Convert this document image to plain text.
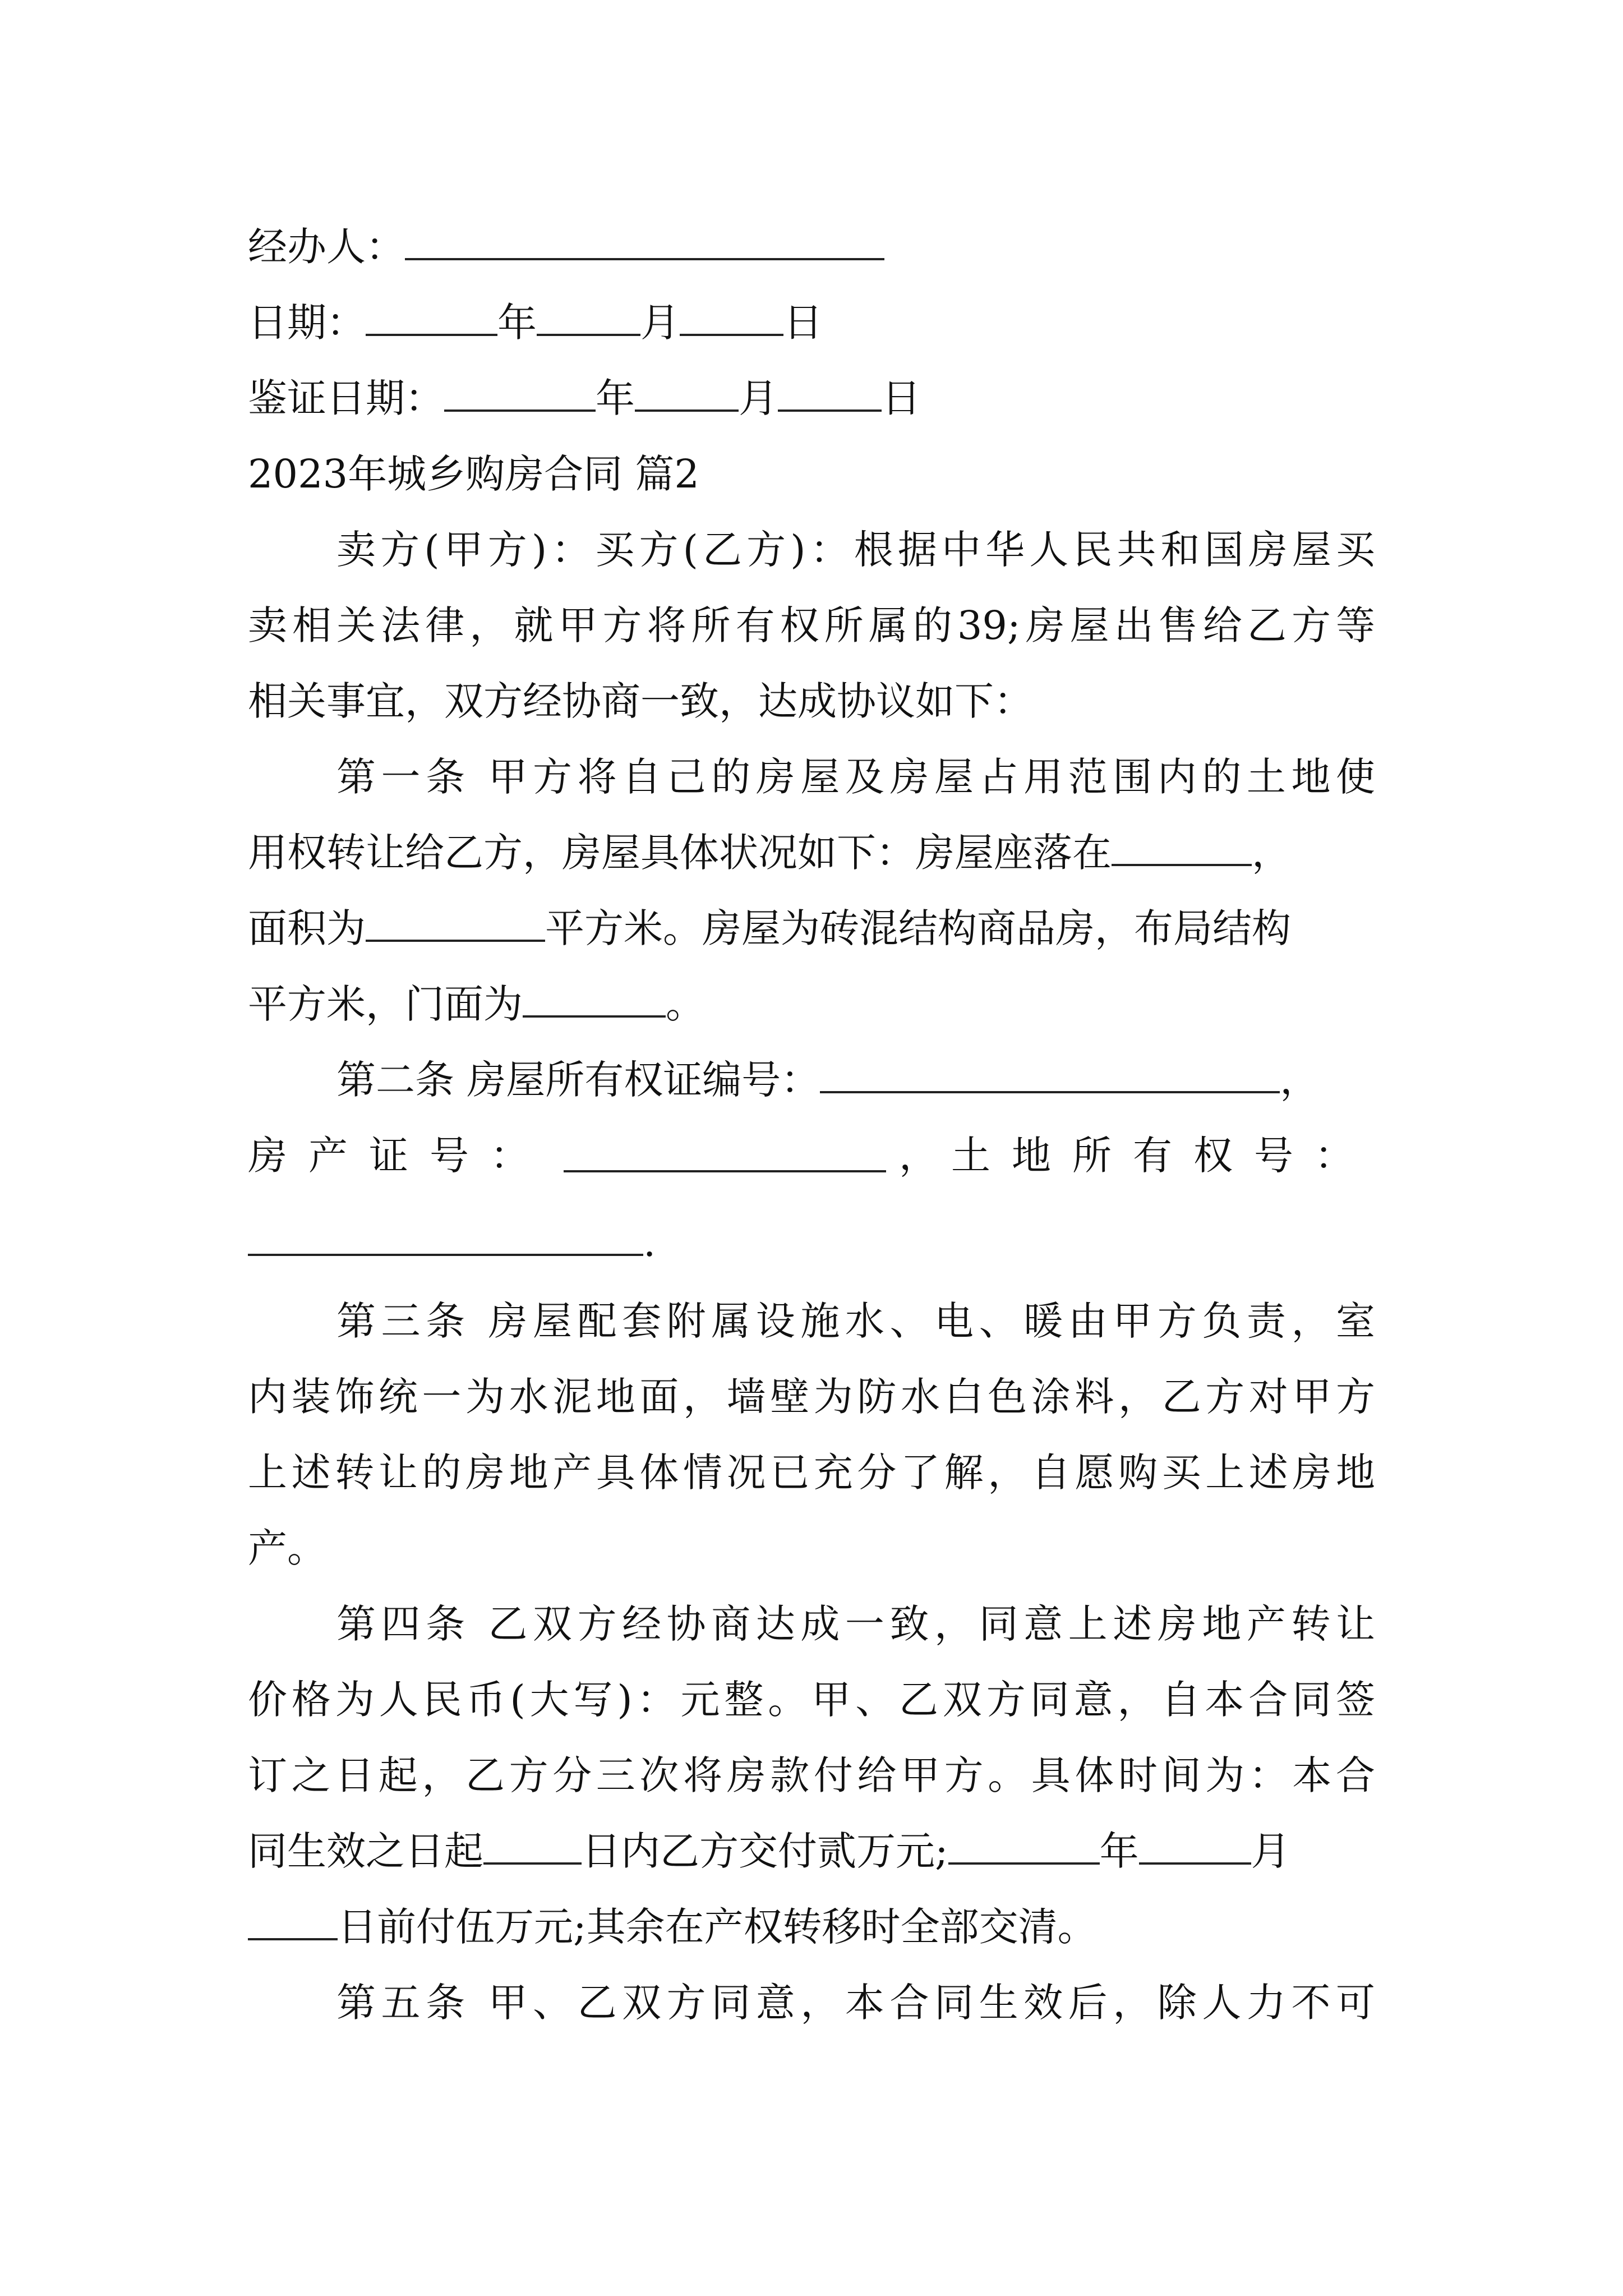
经办人：
日期：	年	月	日
鉴证日期：	年	月	日
2023年城乡购房合同 篇2
卖方(甲方)：买方(乙方)：根据中华人民共和国房屋买
卖相关法律，就甲方将所有权所属的39;房屋出售给乙方等
相关事宜，双方经协商一致，达成协议如下：
第一条 甲方将自己的房屋及房屋占用范围内的土地使
用权转让给乙方，房屋具体状况如下：房屋座落在	，
面积为	平方米。房屋为砖混结构商品房，布局结构
平方米，门面为	。
第二条 房屋所有权证编号：	，
房产证号：	， 土地所有权号：
.
第三条 房屋配套附属设施水、电、暖由甲方负责，室
内装饰统一为水泥地面，墙壁为防水白色涂料，乙方对甲方
上述转让的房地产具体情况已充分了解，自愿购买上述房地
产。
第四条 乙双方经协商达成一致，同意上述房地产转让
价格为人民币(大写)：元整。甲、乙双方同意，自本合同签
订之日起，乙方分三次将房款付给甲方。具体时间为：本合
同生效之日起	日内乙方交付贰万元;	年	月
日前付伍万元;其余在产权转移时全部交清。
第五条 甲、乙双方同意，本合同生效后，除人力不可
